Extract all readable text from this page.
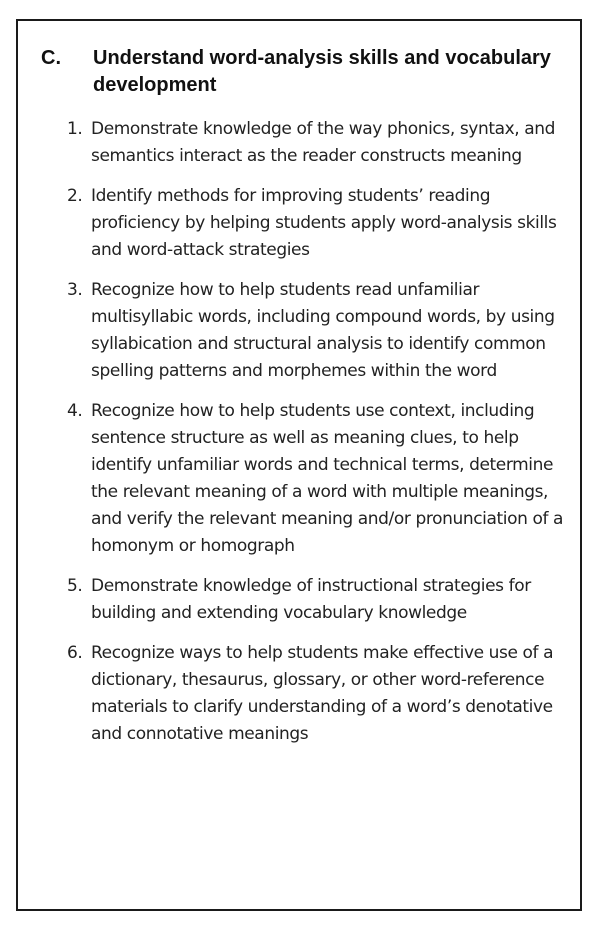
C.	Understand word-analysis skills and vocabulary development
1. Demonstrate knowledge of the way phonics, syntax, and semantics interact as the reader constructs meaning
2. Identify methods for improving students’ reading proficiency by helping students apply word-analysis skills and word-attack strategies
3. Recognize how to help students read unfamiliar multisyllabic words, including compound words, by using syllabication and structural analysis to identify common spelling patterns and morphemes within the word
4. Recognize how to help students use context, including sentence structure as well as meaning clues, to help identify unfamiliar words and technical terms, determine the relevant meaning of a word with multiple meanings, and verify the relevant meaning and/or pronunciation of a homonym or homograph
5. Demonstrate knowledge of instructional strategies for building and extending vocabulary knowledge
6. Recognize ways to help students make effective use of a dictionary, thesaurus, glossary, or other word-reference materials to clarify understanding of a word’s denotative and connotative meanings
